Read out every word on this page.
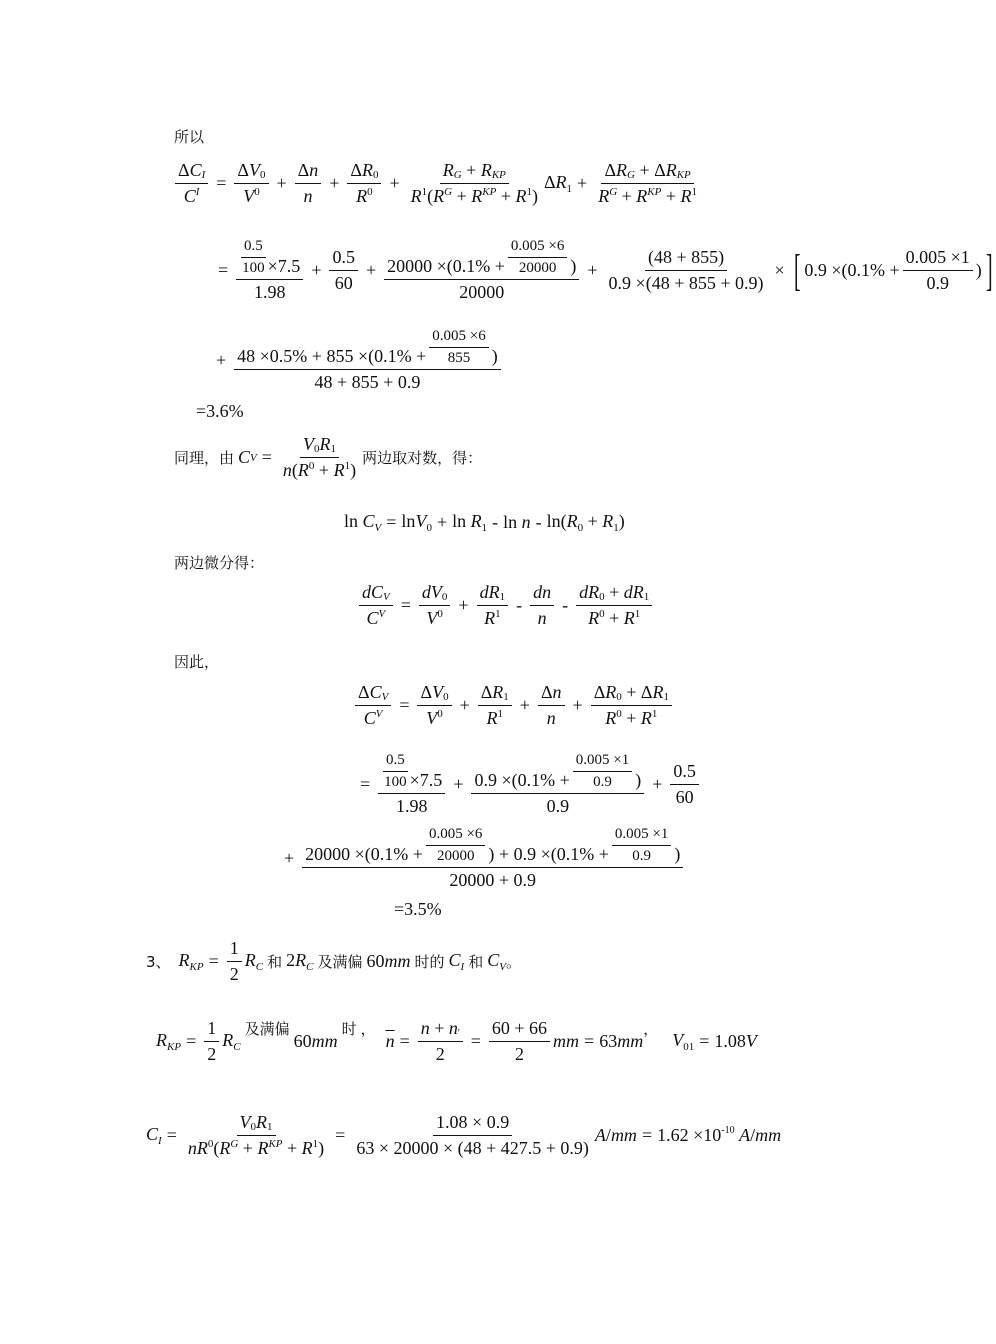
所以
$\frac{\text{Δ C I}}{\text{C I}} = \frac{\text{Δ V 0}}{V 0} + \frac{\text{Δ n}}{n} + \frac{\text{Δ R 0}}{R 0} + \frac{\text{R G + R KP}}{\text{R 1 ( R G + R KP + R 1 )}} \Delta R_1 + \frac{\text{Δ R G + Δ R KP}}{\text{R G + R KP + R 1}}$
= $\frac{\frac{0.5}{100} \times 7.5}{1.98} + \frac{0.5}{60} + \frac{20000 \times(0.1\% + \frac{0.005 \times 6}{20000} )}{20000} + \frac{(48 + 855)}{0.9 \times(48 + 855 + 0.9)}$ × [ $0.9 \times(0.1\% + \frac{0.005 \times 1}{0.9}$ ) ]
+ $\frac{48 \times 0.5\% + 855 \times(0.1\% + \frac{0.005 \times 6}{855} )}{48 + 855 + 0.9}$
=3.6%
同理，由 C $V = \frac{V 0 R 1}{n ( R 0 + R 1 )}$ 两边取对数，得：
$\ln C_V = \ln V_0 + \ln R_1 - \ln n - \ln(R_0 + R_1)$
两边微分得：
$\frac{\text{dC V}}{\text{C V}} = \frac{dV 0}{V 0} + \frac{dR 1}{R 1} - \frac{dn}{n} - \frac{dR 0 + dR 1}{R 0 + R 1}$
因此，
$\frac{\text{Δ C V}}{\text{C V}} = \frac{\text{Δ V 0}}{V 0} + \frac{\text{Δ R 1}}{R 1} + \frac{\text{Δ n}}{n} + \frac{\text{Δ R 0 + Δ R 1}}{R 0 + R 1}$
= $\frac{\frac{0.5}{100} \times 7.5}{1.98} + \frac{0.9 \times(0.1\% + \frac{0.005 \times 1}{0.9} )}{0.9} + \frac{0.5}{60}$
+ $\frac{20000 \times(0.1\% + \frac{0.005 \times 6}{20000} ) + 0.9 \times(0.1\% + \frac{0.005 \times 1}{0.9} )}{20000 + 0.9}$
=3.5%
3、 $R_{KP} = \frac{1}{2} R_C$ 和 $2R_C$ 及满偏 60mm 时的 $C_I$ 和 $C_V$ 。
$R_{KP} = \frac{1}{2} R_C$
及满偏
60mm
时 ，
$\overline{n} = \frac{n + n '}{2} = \frac{60 + 66}{2}$ mm = 63mm
，
$V_{01} = 1.08V$
$C_I = \frac{V 0 R 1}{\text{nR 0 ( R G + R KP + R 1 )}} = \frac{1.08 \times 0.9}{63 \times 20000 \times (48 + 427.5 + 0.9)}$ A / mm = $1.62 \times 10^{-10}$ A/mm
